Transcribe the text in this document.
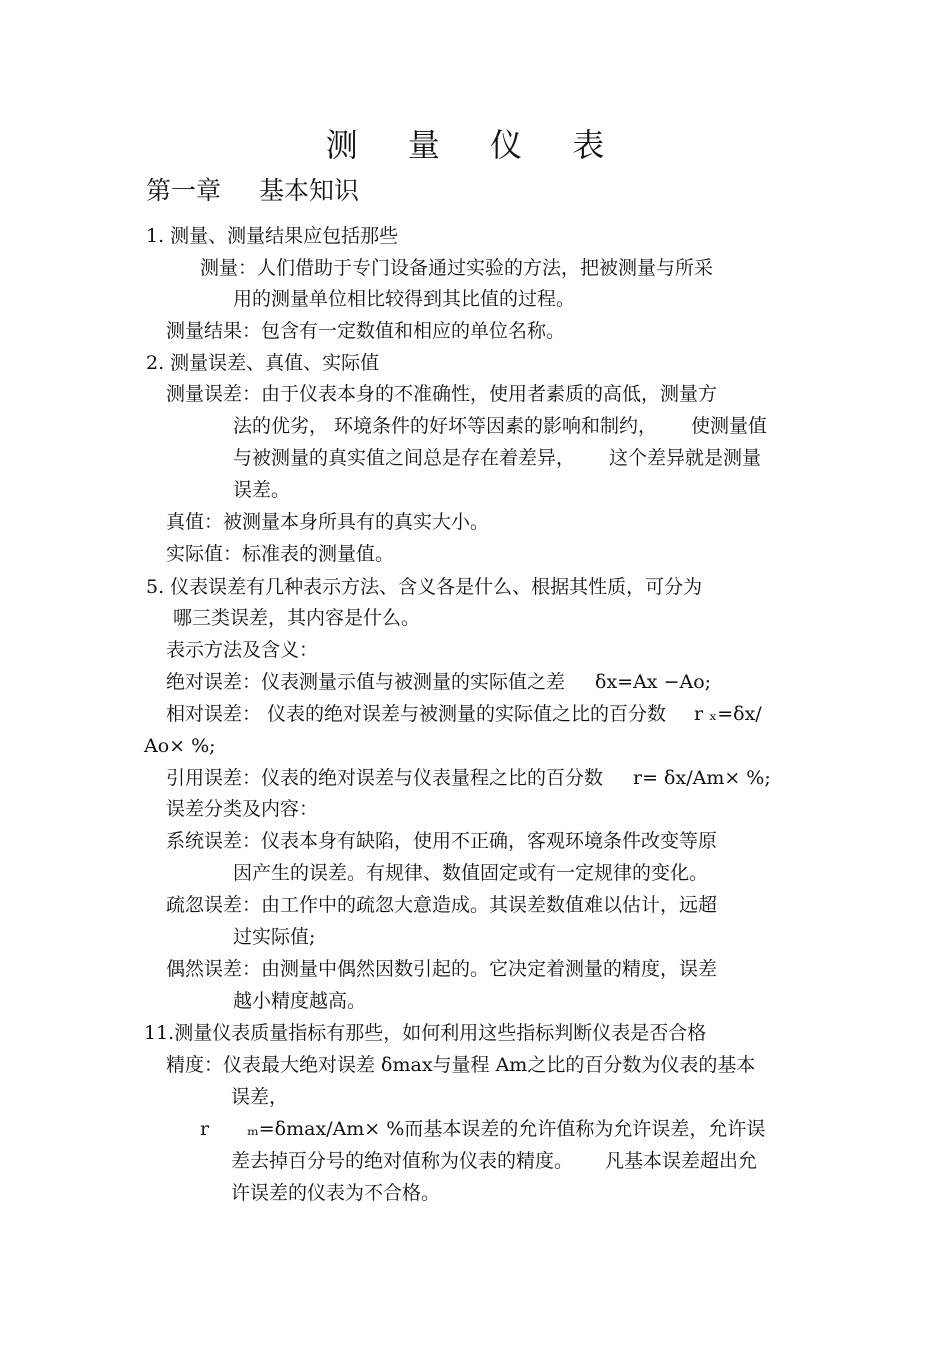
测 量 仪 表
第一章 基本知识
1. 测量、测量结果应包括那些
测量：人们借助于专门设备通过实验的方法，把被测量与所采
用的测量单位相比较得到其比值的过程。
测量结果：包含有一定数值和相应的单位名称。
2. 测量误差、真值、实际值
测量误差：由于仪表本身的不准确性，使用者素质的高低，测量方
法的优劣， 环境条件的好坏等因素的影响和制约， 使测量值
与被测量的真实值之间总是存在着差异， 这个差异就是测量
误差。
真值：被测量本身所具有的真实大小。
实际值：标准表的测量值。
5. 仪表误差有几种表示方法、含义各是什么、根据其性质，可分为
哪三类误差，其内容是什么。
表示方法及含义：
绝对误差：仪表测量示值与被测量的实际值之差 δx=Ax −Ao;
相对误差： 仪表的绝对误差与被测量的实际值之比的百分数 r ₓ=δx/
Ao× %;
引用误差：仪表的绝对误差与仪表量程之比的百分数 r= δx/Am× %;
误差分类及内容：
系统误差：仪表本身有缺陷，使用不正确，客观环境条件改变等原
因产生的误差。有规律、数值固定或有一定规律的变化。
疏忽误差：由工作中的疏忽大意造成。其误差数值难以估计，远超
过实际值;
偶然误差：由测量中偶然因数引起的。它决定着测量的精度，误差
越小精度越高。
11.测量仪表质量指标有那些，如何利用这些指标判断仪表是否合格
精度：仪表最大绝对误差 δmax与量程 Am之比的百分数为仪表的基本
误差，
r ₘ=δmax/Am× %而基本误差的允许值称为允许误差，允许误
差去掉百分号的绝对值称为仪表的精度。 凡基本误差超出允
许误差的仪表为不合格。
